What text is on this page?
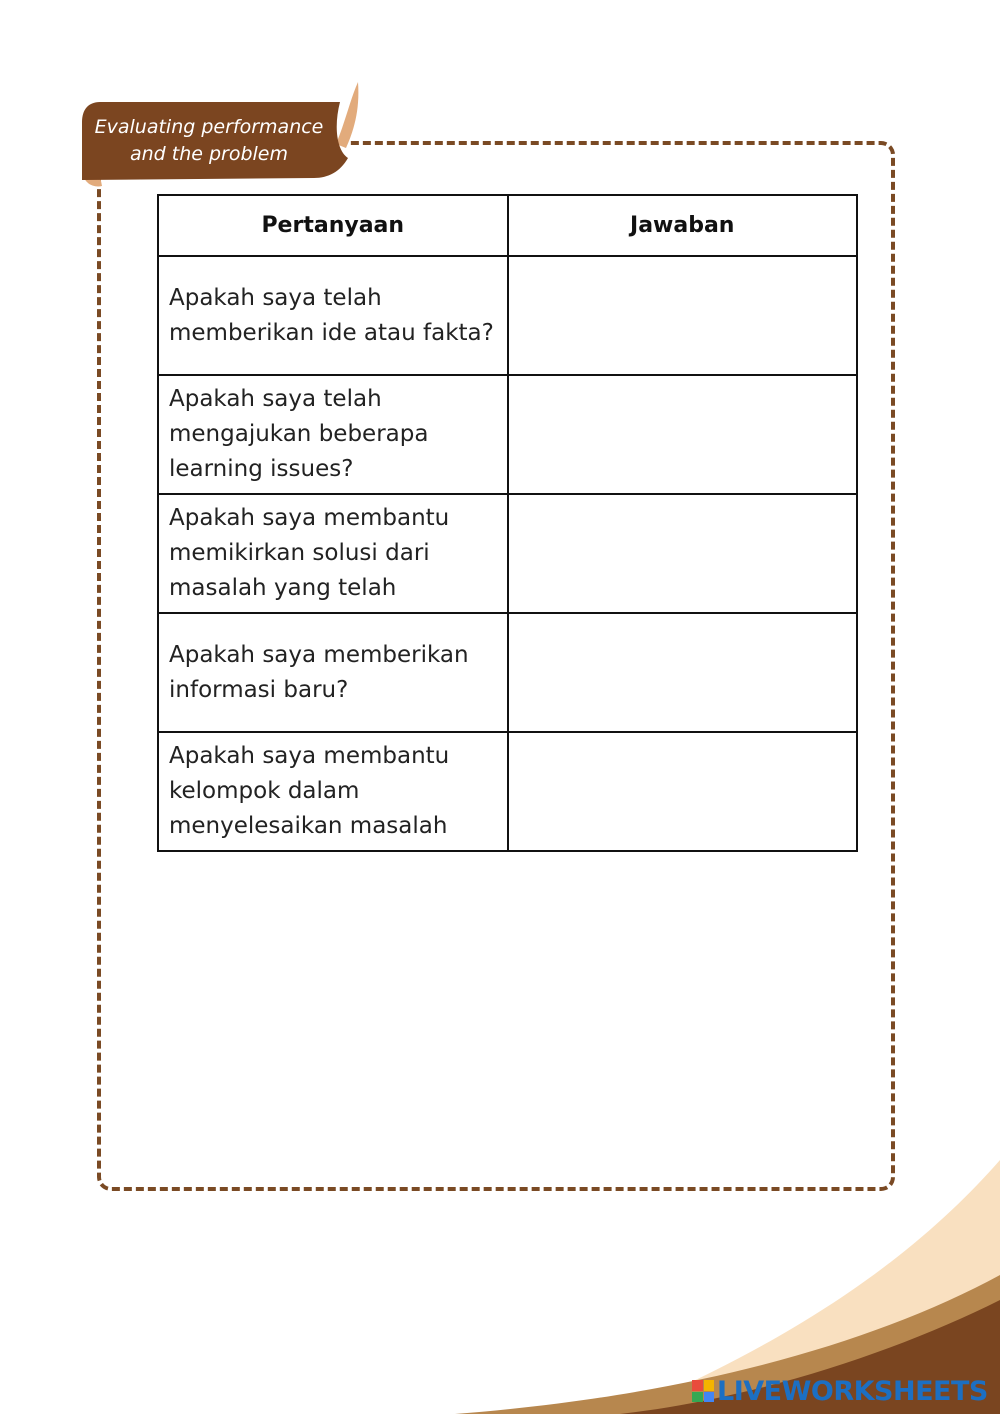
Evaluating performance
and the problem
Pertanyaan	Jawaban
Apakah saya telah memberikan ide atau fakta?	
Apakah saya telah mengajukan beberapa learning issues?	
Apakah saya membantu memikirkan solusi dari masalah yang telah	
Apakah saya memberikan informasi baru?	
Apakah saya membantu kelompok dalam menyelesaikan masalah	
LIVEWORKSHEETS
